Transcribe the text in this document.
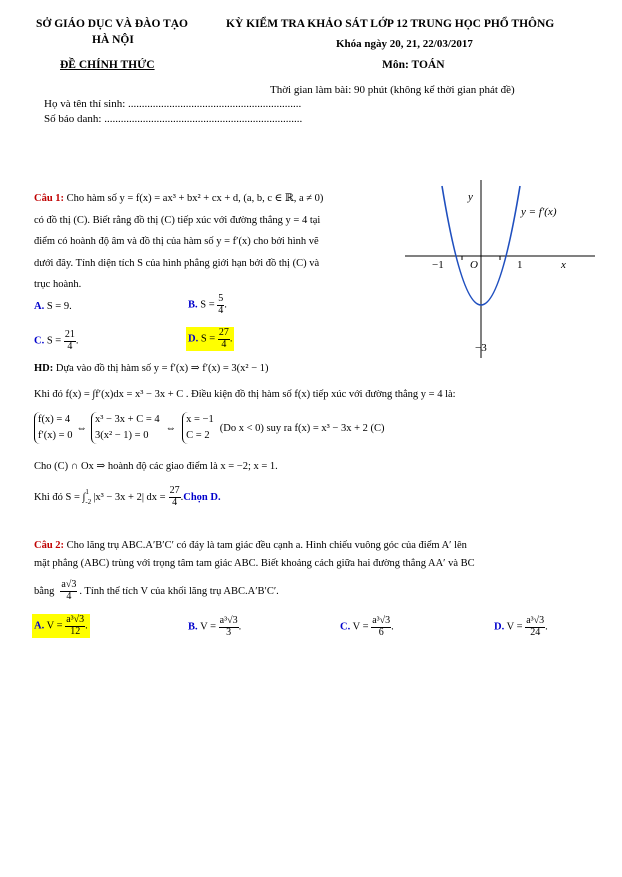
SỞ GIÁO DỤC VÀ ĐÀO TẠO
HÀ NỘI
KỲ KIỂM TRA KHẢO SÁT LỚP 12 TRUNG HỌC PHỔ THÔNG
Khóa ngày 20, 21, 22/03/2017
ĐỀ CHÍNH THỨC	Môn: TOÁN
Thời gian làm bài: 90 phút (không kể thời gian phát đề)
Họ và tên thí sinh: ...............................................................
Số báo danh: ........................................................................
Câu 1: Cho hàm số y = f(x) = ax³ + bx² + cx + d, (a, b, c ∈ ℝ, a ≠ 0)
có đồ thị (C). Biết rằng đồ thị (C) tiếp xúc với đường thẳng y = 4 tại
điểm có hoành độ âm và đồ thị của hàm số y = f′(x) cho bởi hình vẽ
dưới đây. Tính diện tích S của hình phẳng giới hạn bởi đồ thị (C) và
trục hoành.
A. S = 9.	B. $S = \frac{5}{4}$ .
C. $S = \frac{21}{4}$ .	D. $S = \frac{27}{4}$ .
y
x
y = f′(x)
O
−1	1
−3
HD: Dựa vào đồ thị hàm số y = f′(x) ⇒ f′(x) = 3(x² − 1)
Khi đó f(x) = ∫f′(x)dx = x³ − 3x + C . Điều kiện đồ thị hàm số f(x) tiếp xúc với đường thẳng y = 4 là:
f(x) = 4
f′(x) = 0
⇔
x³ − 3x + C = 4
3(x² − 1) = 0
⇔
x = −1
C = 2
(Do x < 0) suy ra f(x) = x³ − 3x + 2 (C)
Cho (C) ∩ Ox ⇒ hoành độ các giao điểm là x = −2; x = 1.
Khi đó S = ∫ 1
-2 |x³ − 3x + 2| dx = $\frac{27}{4}$ . Chọn D.
Câu 2: Cho lăng trụ ABC.A′B′C′ có đáy là tam giác đều cạnh a. Hình chiếu vuông góc của điểm A′ lên
mặt phẳng (ABC) trùng với trọng tâm tam giác ABC. Biết khoảng cách giữa hai đường thẳng AA′ và BC
bằng $\frac{a√3}{4}$ . Tính thể tích V của khối lăng trụ ABC.A′B′C′.
A. $V = \frac{\text{a³√3}}{12}$ .	B. $V = \frac{\text{a³√3}}{3}$ .	C. $V = \frac{\text{a³√3}}{6}$ .	D. $V = \frac{\text{a³√3}}{24}$ .
